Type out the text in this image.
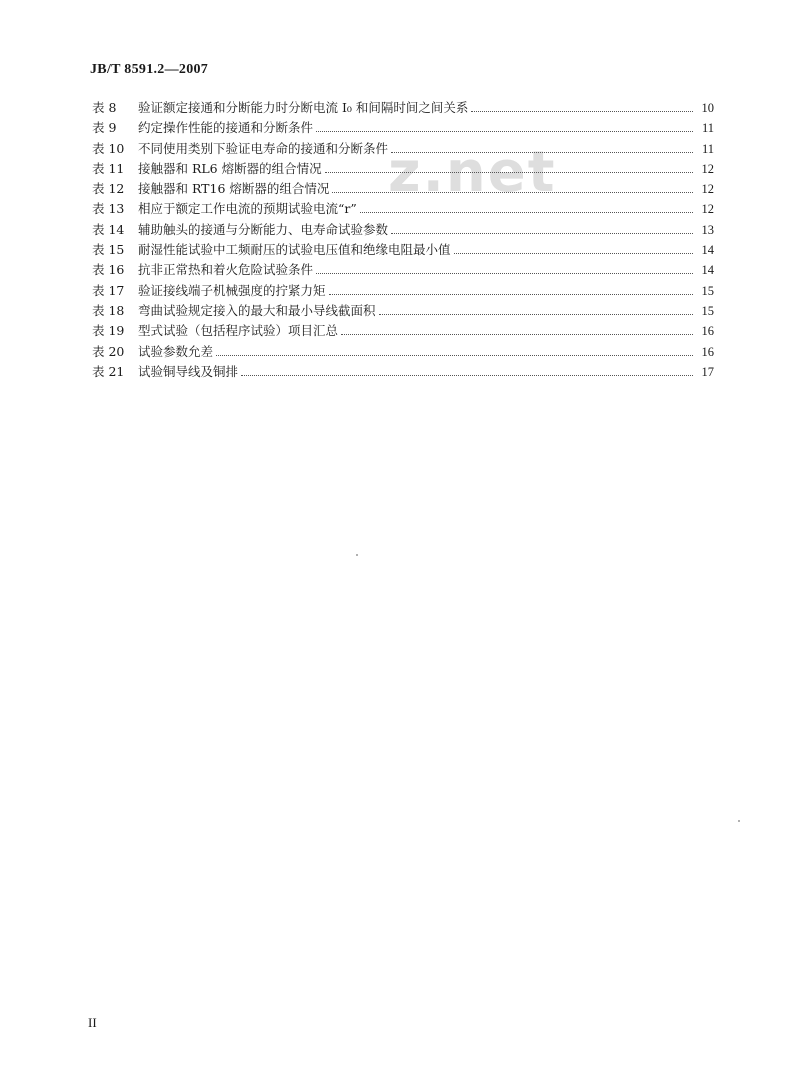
JB/T 8591.2—2007
z.net
表 8	验证额定接通和分断能力时分断电流 I₀ 和间隔时间之间关系	10
表 9	约定操作性能的接通和分断条件	11
表 10	不同使用类别下验证电寿命的接通和分断条件	11
表 11	接触器和 RL6 熔断器的组合情况	12
表 12	接触器和 RT16 熔断器的组合情况	12
表 13	相应于额定工作电流的预期试验电流“r”	12
表 14	辅助触头的接通与分断能力、电寿命试验参数	13
表 15	耐湿性能试验中工频耐压的试验电压值和绝缘电阻最小值	14
表 16	抗非正常热和着火危险试验条件	14
表 17	验证接线端子机械强度的拧紧力矩	15
表 18	弯曲试验规定接入的最大和最小导线截面积	15
表 19	型式试验（包括程序试验）项目汇总	16
表 20	试验参数允差	16
表 21	试验铜导线及铜排	17
II
